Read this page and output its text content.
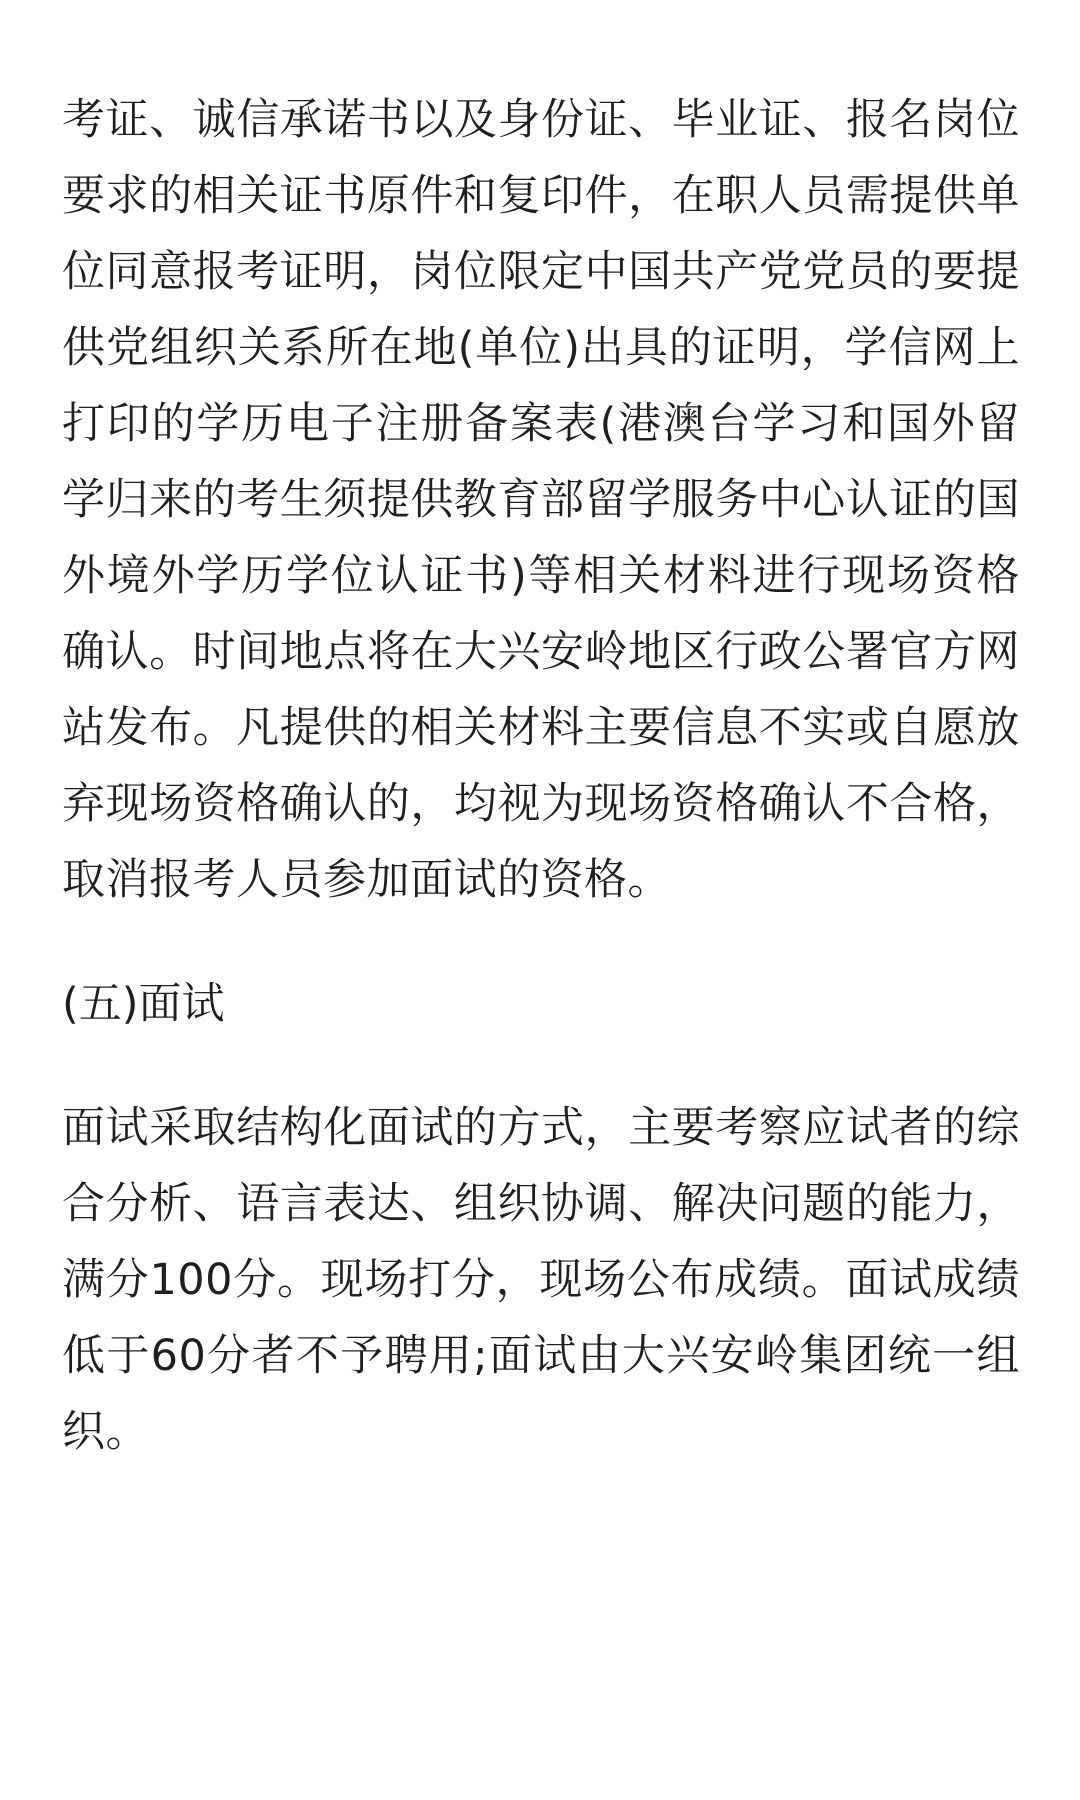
考证、诚信承诺书以及身份证、毕业证、报名岗位要求的相关证书原件和复印件，在职人员需提供单位同意报考证明，岗位限定中国共产党党员的要提供党组织关系所在地(单位)出具的证明，学信网上打印的学历电子注册备案表(港澳台学习和国外留学归来的考生须提供教育部留学服务中心认证的国外境外学历学位认证书)等相关材料进行现场资格确认。时间地点将在大兴安岭地区行政公署官方网站发布。凡提供的相关材料主要信息不实或自愿放弃现场资格确认的，均视为现场资格确认不合格，取消报考人员参加面试的资格。

(五)面试

面试采取结构化面试的方式，主要考察应试者的综合分析、语言表达、组织协调、解决问题的能力，满分100分。现场打分，现场公布成绩。面试成绩低于60分者不予聘用;面试由大兴安岭集团统一组织。
